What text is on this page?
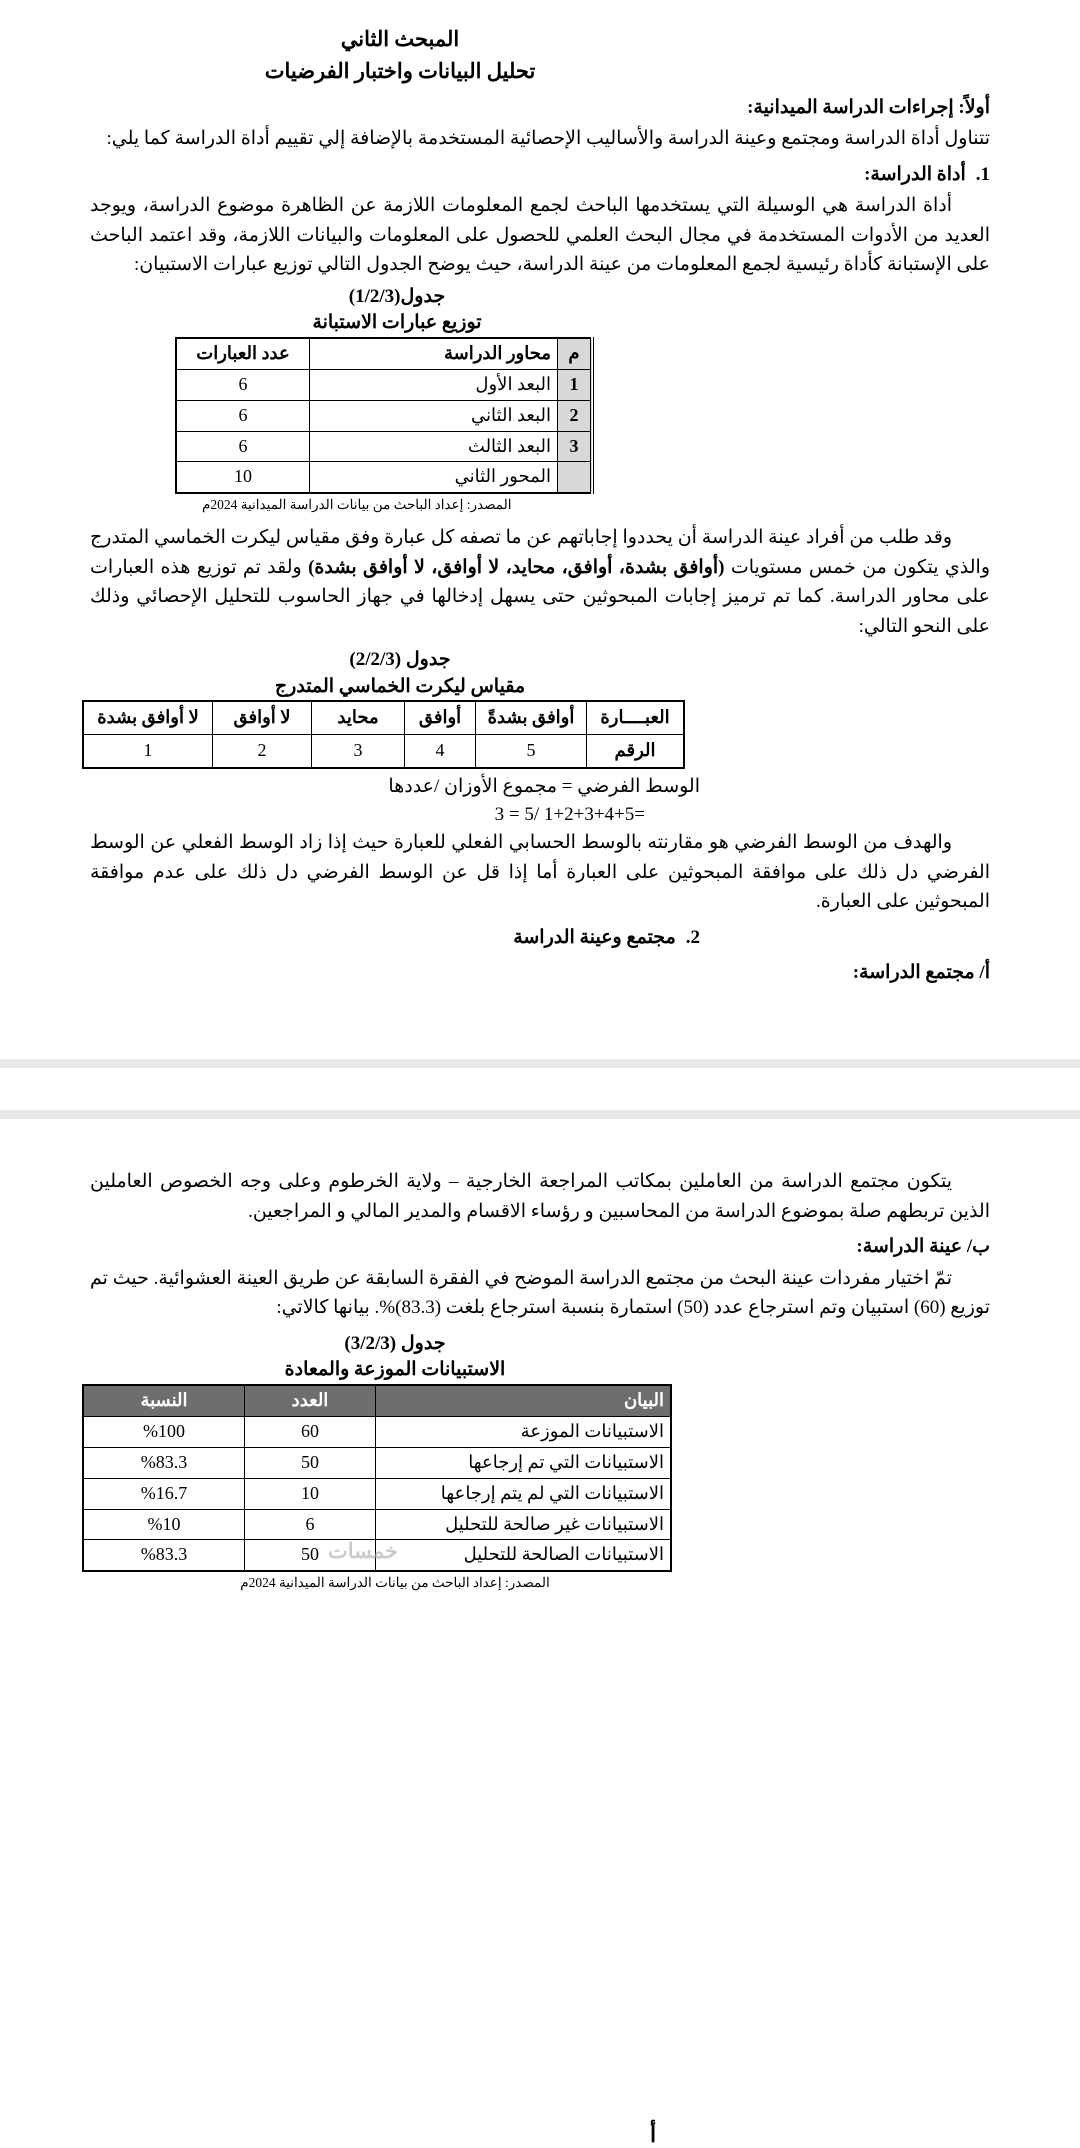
المبحث الثاني
تحليل البيانات واختبار الفرضيات
أولاً: إجراءات الدراسة الميدانية:

تتناول أداة الدراسة ومجتمع وعينة الدراسة والأساليب الإحصائية المستخدمة بالإضافة إلي تقييم أداة الدراسة كما يلي:

1.أداة الدراسة:

أداة الدراسة هي الوسيلة التي يستخدمها الباحث لجمع المعلومات اللازمة عن الظاهرة موضوع الدراسة، ويوجد العديد من الأدوات المستخدمة في مجال البحث العلمي للحصول على المعلومات والبيانات اللازمة، وقد اعتمد الباحث على الإستبانة كأداة رئيسية لجمع المعلومات من عينة الدراسة، حيث يوضح الجدول التالي توزيع عبارات الاستبيان:

جدول(1/2/3)
توزيع عبارات الاستبانة
م	محاور الدراسة	عدد العبارات
1	البعد الأول	6
2	البعد الثاني	6
3	البعد الثالث	6
	المحور الثاني	10
المصدر: إعداد الباحث من بيانات الدراسة الميدانية 2024م

وقد طلب من أفراد عينة الدراسة أن يحددوا إجاباتهم عن ما تصفه كل عبارة وفق مقياس ليكرت الخماسي المتدرج والذي يتكون من خمس مستويات (أوافق بشدة، أوافق، محايد، لا أوافق، لا أوافق بشدة) ولقد تم توزيع هذه العبارات على محاور الدراسة. كما تم ترميز إجابات المبحوثين حتى يسهل إدخالها في جهاز الحاسوب للتحليل الإحصائي وذلك على النحو التالي:

جدول (2/2/3)
مقياس ليكرت الخماسي المتدرج
العبــــارة	أوافق بشدةً	أوافق	محايد	لا أوافق	لا أوافق بشدة
الرقم	5	4	3	2	1
الوسط الفرضي = مجموع الأوزان /عددها
3 = 5/ 1+2+3+4+5=

والهدف من الوسط الفرضي هو مقارنته بالوسط الحسابي الفعلي للعبارة حيث إذا زاد الوسط الفعلي عن الوسط الفرضي دل ذلك على موافقة المبحوثين على العبارة أما إذا قل عن الوسط الفرضي دل ذلك على عدم موافقة المبحوثين على العبارة.

2.مجتمع وعينة الدراسة
أ/ مجتمع الدراسة:

يتكون مجتمع الدراسة من العاملين بمكاتب المراجعة الخارجية – ولاية الخرطوم وعلى وجه الخصوص العاملين الذين تربطهم صلة بموضوع الدراسة من المحاسبين و رؤساء الاقسام والمدير المالي و المراجعين.

ب/ عينة الدراسة:

تمّ اختيار مفردات عينة البحث من مجتمع الدراسة الموضح في الفقرة السابقة عن طريق العينة العشوائية. حيث تم توزيع (60) استبيان وتم استرجاع عدد (50) استمارة بنسبة استرجاع بلغت (83.3)%. بيانها كالاتي:

جدول (3/2/3)
الاستبيانات الموزعة والمعادة
البيان	العدد	النسبة
الاستبيانات الموزعة	60	%100
الاستبيانات التي تم إرجاعها	50	%83.3
الاستبيانات التي لم يتم إرجاعها	10	%16.7
الاستبيانات غير صالحة للتحليل	6	%10
الاستبيانات الصالحة للتحليل	50	%83.3
المصدر: إعداد الباحث من بيانات الدراسة الميدانية 2024م
خمسات
أ
